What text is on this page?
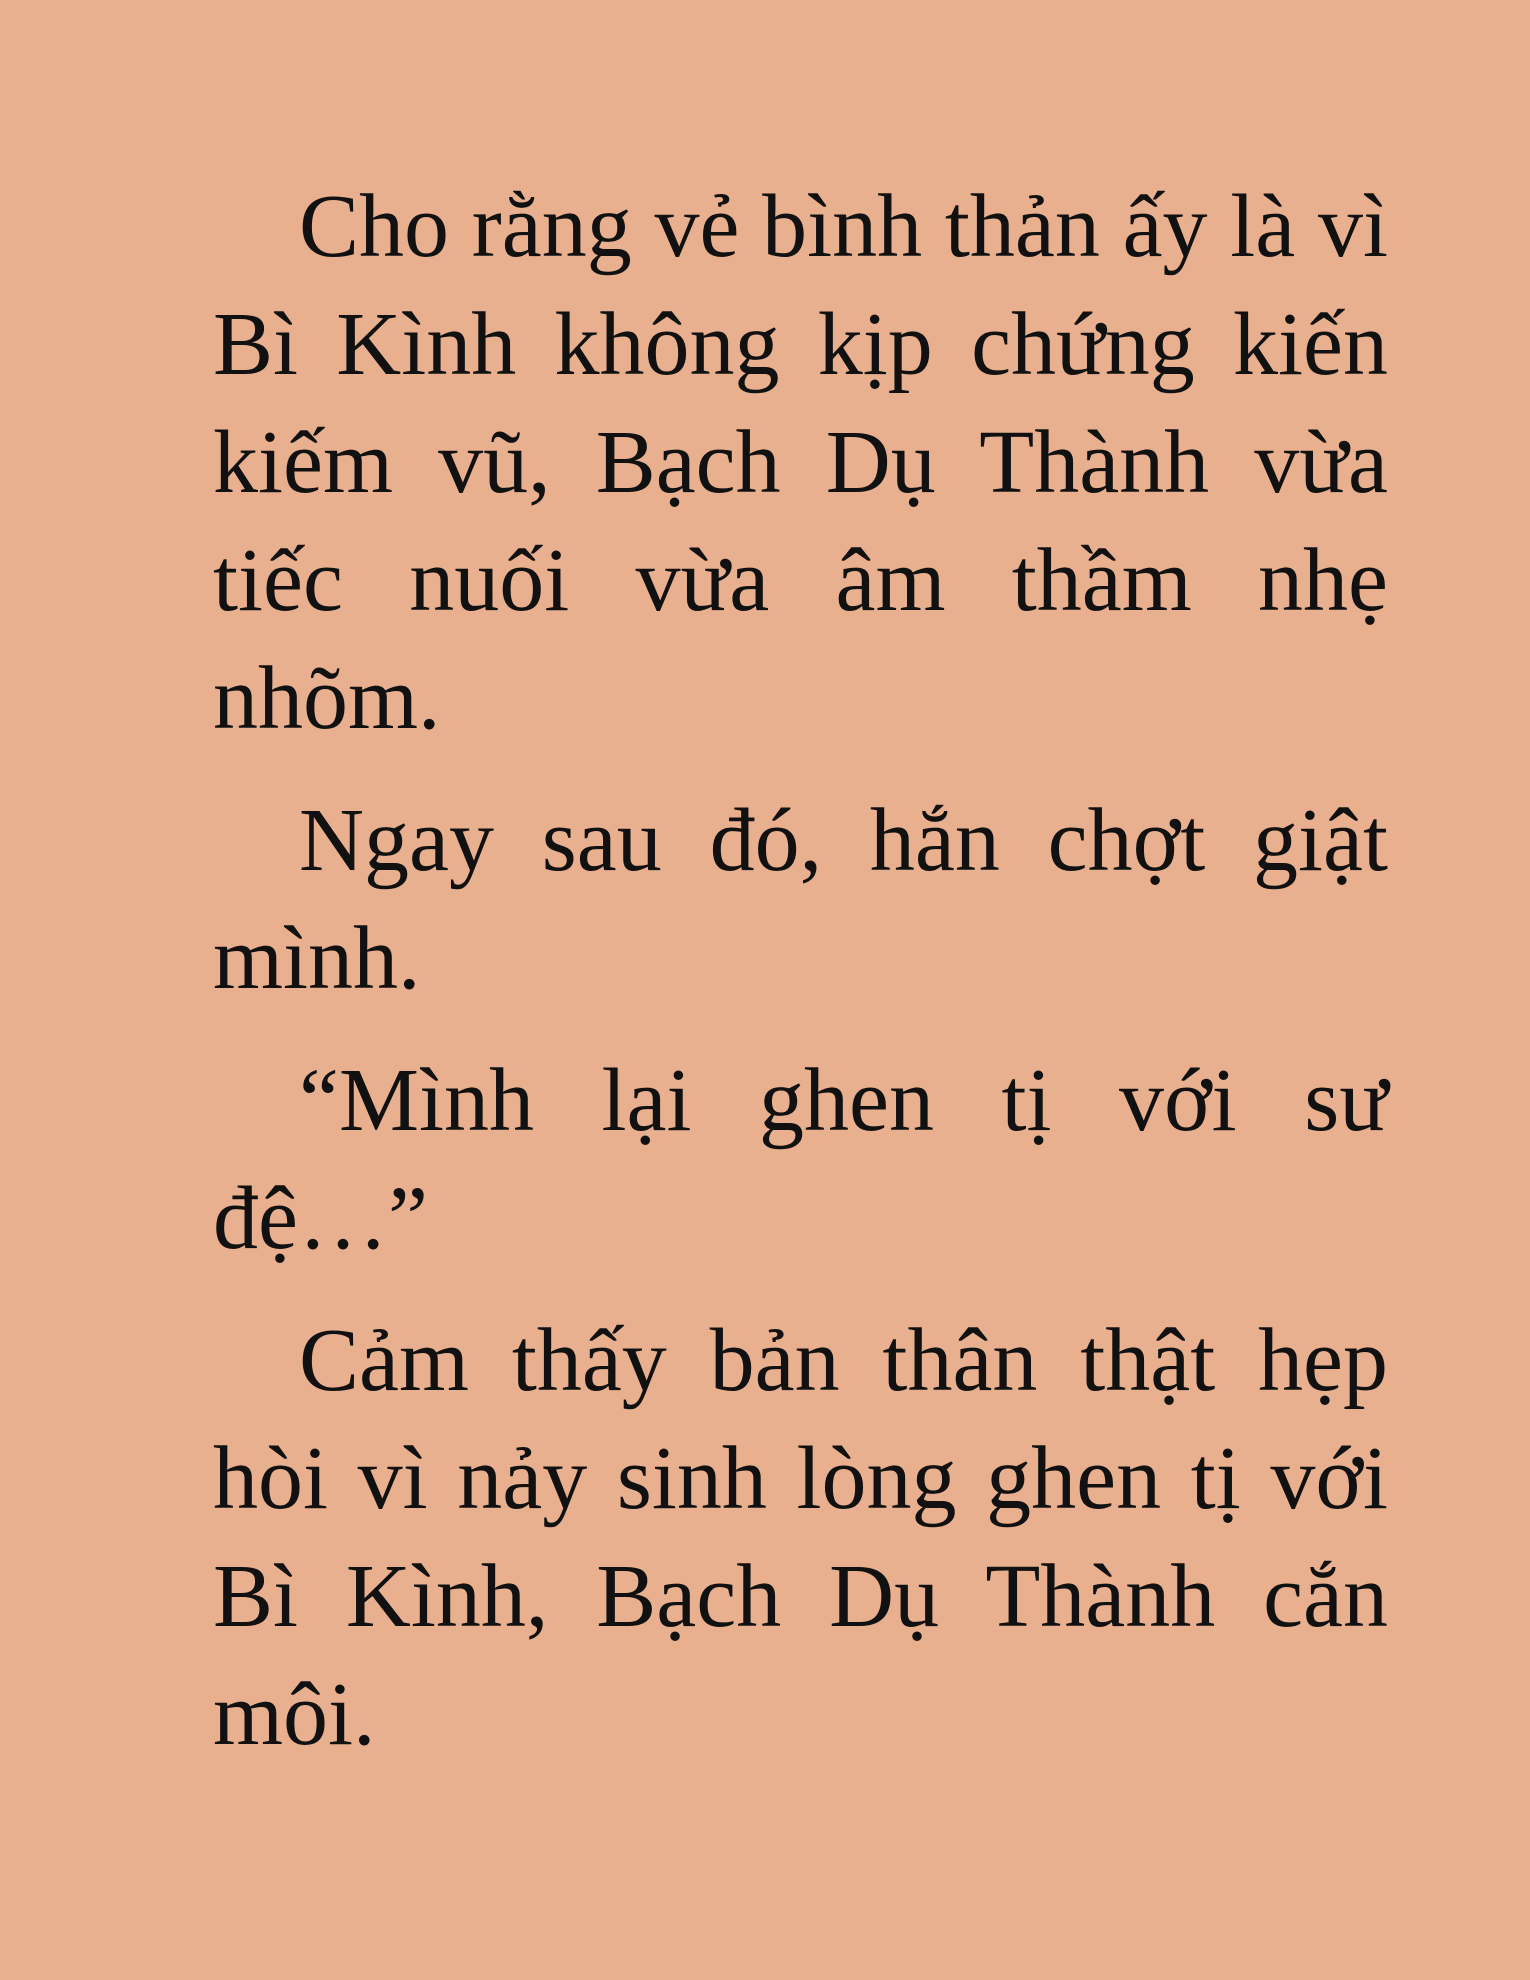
Cho rằng vẻ bình thản ấy là vì Bì Kình không kịp chứng kiến kiếm vũ, Bạch Dụ Thành vừa tiếc nuối vừa âm thầm nhẹ nhõm.

Ngay sau đó, hắn chợt giật mình.

“Mình lại ghen tị với sư đệ…”

Cảm thấy bản thân thật hẹp hòi vì nảy sinh lòng ghen tị với Bì Kình, Bạch Dụ Thành cắn môi.
